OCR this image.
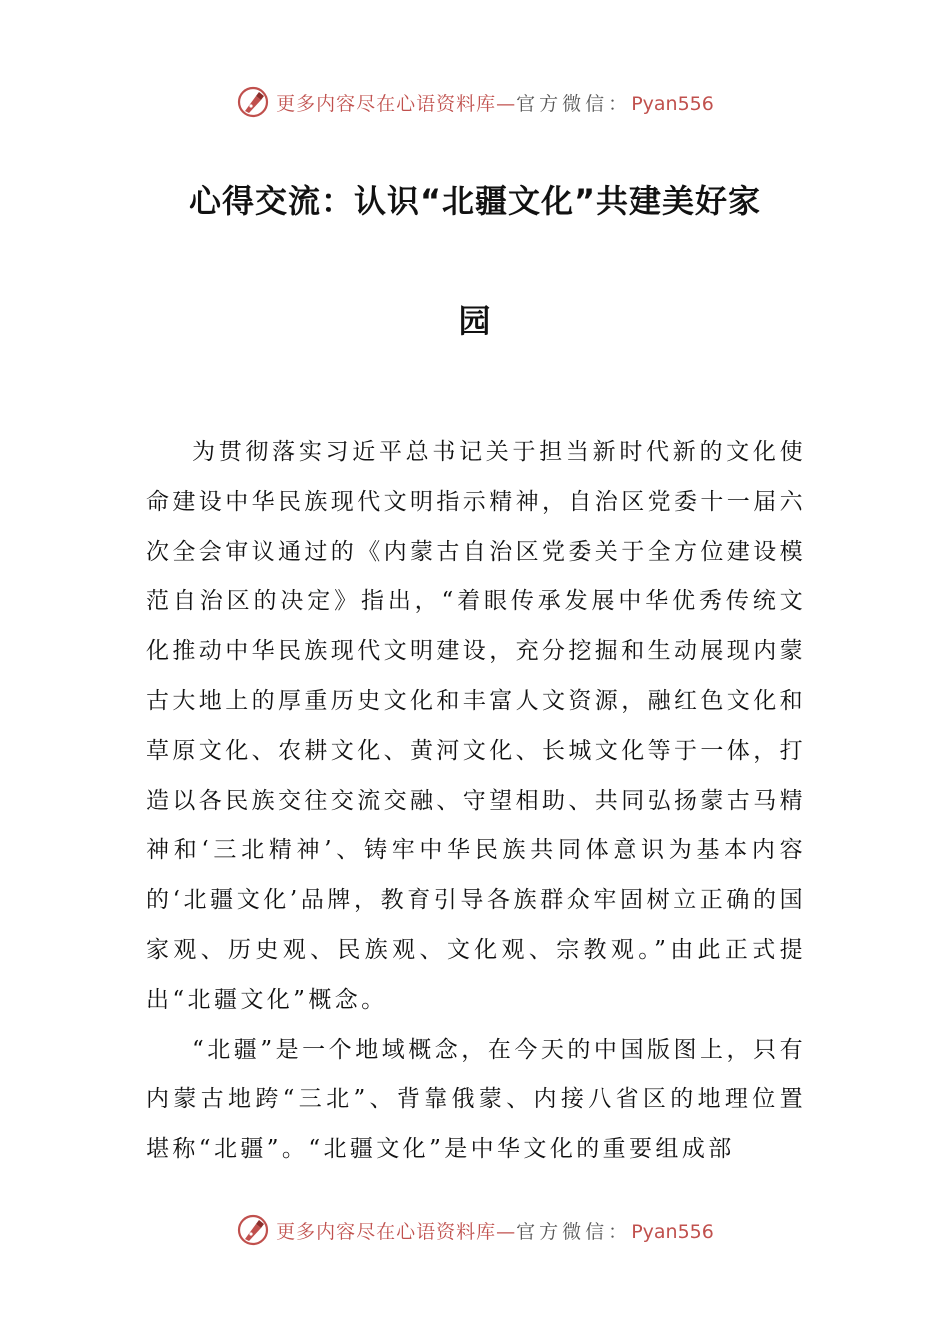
更多内容尽在心语资料库—官方微信：Pyan556
心得交流：认识“北疆文化”共建美好家
园

为贯彻落实习近平总书记关于担当新时代新的文化使命建设中华民族现代文明指示精神，自治区党委十一届六次全会审议通过的《内蒙古自治区党委关于全方位建设模范自治区的决定》指出，“着眼传承发展中华优秀传统文化推动中华民族现代文明建设，充分挖掘和生动展现内蒙古大地上的厚重历史文化和丰富人文资源，融红色文化和草原文化、农耕文化、黄河文化、长城文化等于一体，打造以各民族交往交流交融、守望相助、共同弘扬蒙古马精神和‘三北精神’、铸牢中华民族共同体意识为基本内容的‘北疆文化’品牌，教育引导各族群众牢固树立正确的国家观、历史观、民族观、文化观、宗教观。”由此正式提出“北疆文化”概念。

“北疆”是一个地域概念，在今天的中国版图上，只有内蒙古地跨“三北”、背靠俄蒙、内接八省区的地理位置堪称“北疆”。“北疆文化”是中华文化的重要组成部

更多内容尽在心语资料库—官方微信：Pyan556
